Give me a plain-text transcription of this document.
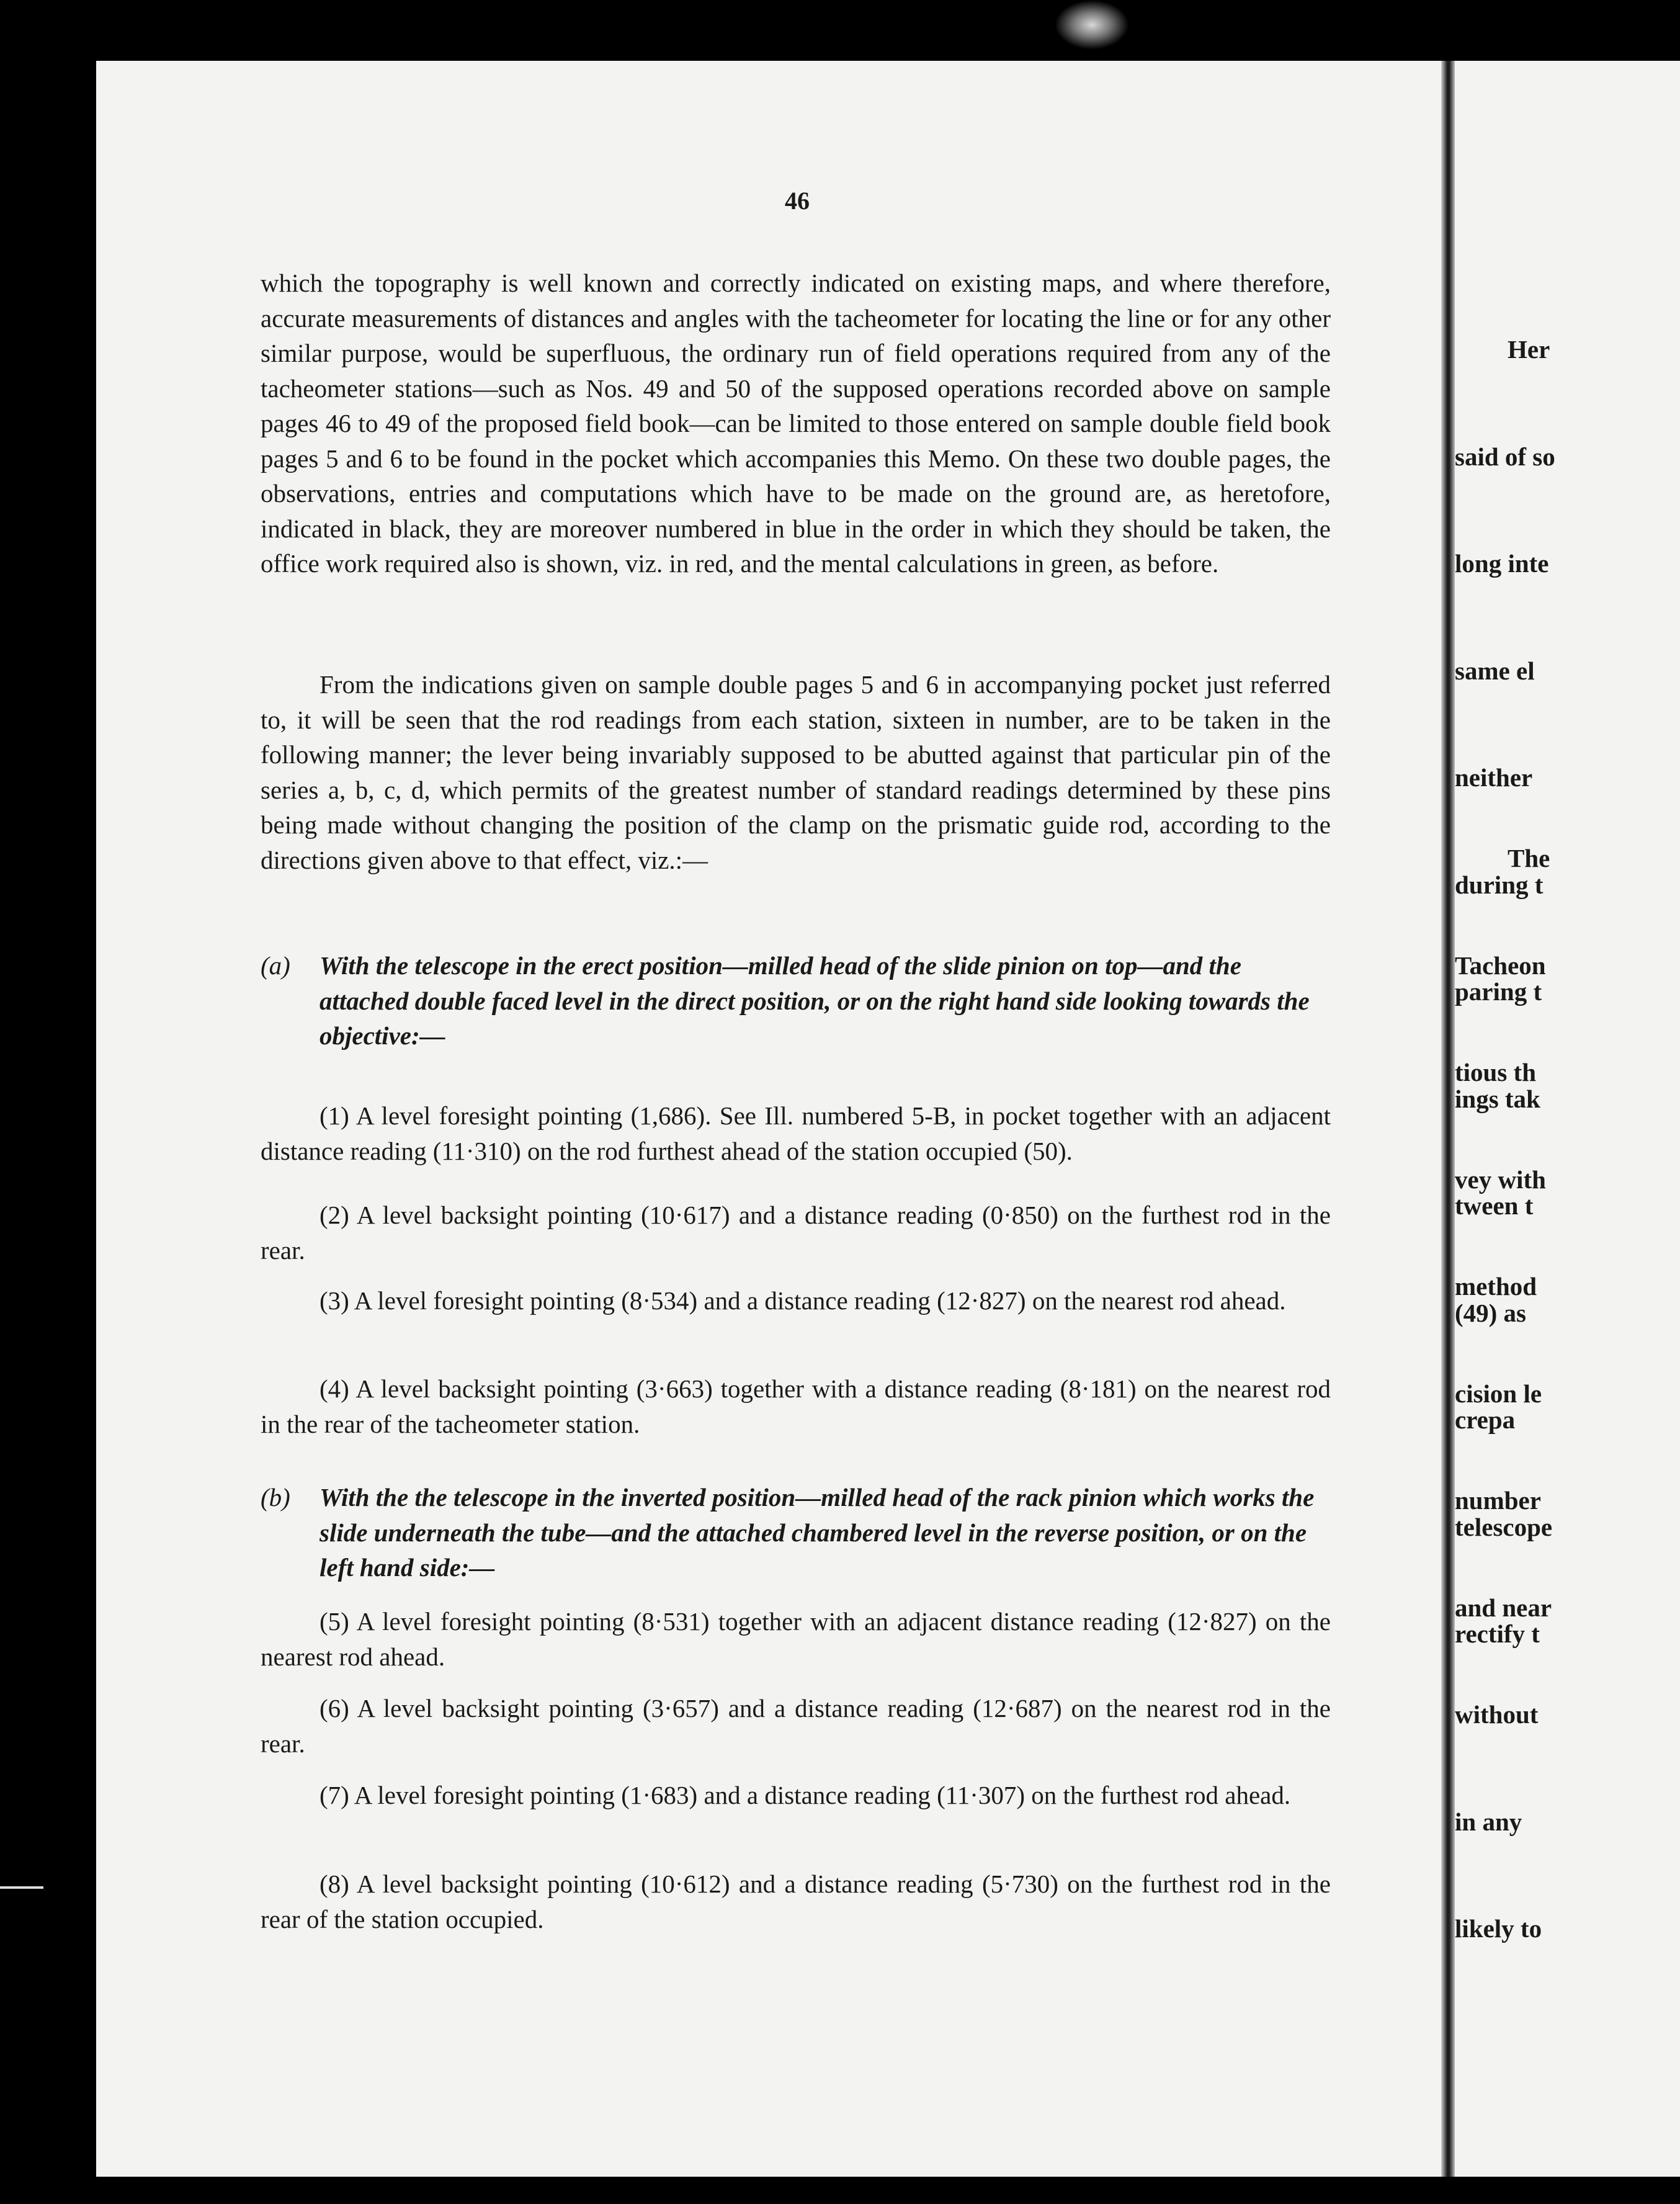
46

which the topography is well known and correctly indicated on existing maps, and where therefore, accurate measurements of distances and angles with the tacheometer for locating the line or for any other similar purpose, would be superfluous, the ordinary run of field operations required from any of the tacheometer stations—such as Nos. 49 and 50 of the supposed operations recorded above on sample pages 46 to 49 of the proposed field book—can be limited to those entered on sample double field book pages 5 and 6 to be found in the pocket which accompanies this Memo. On these two double pages, the observations, entries and computations which have to be made on the ground are, as heretofore, indicated in black, they are moreover numbered in blue in the order in which they should be taken, the office work required also is shown, viz. in red, and the mental calculations in green, as before.

From the indications given on sample double pages 5 and 6 in accompanying pocket just referred to, it will be seen that the rod readings from each station, sixteen in number, are to be taken in the following manner; the lever being invariably supposed to be abutted against that particular pin of the series a, b, c, d, which permits of the greatest number of standard readings determined by these pins being made without changing the position of the clamp on the prismatic guide rod, according to the directions given above to that effect, viz.:—

(a) With the telescope in the erect position—milled head of the slide pinion on top—and the attached double faced level in the direct position, or on the right hand side looking towards the objective:—
(1) A level foresight pointing (1,686). See Ill. numbered 5-B, in pocket together with an adjacent distance reading (11·310) on the rod furthest ahead of the station occupied (50).
(2) A level backsight pointing (10·617) and a distance reading (0·850) on the furthest rod in the rear.
(3) A level foresight pointing (8·534) and a distance reading (12·827) on the nearest rod ahead.
(4) A level backsight pointing (3·663) together with a distance reading (8·181) on the nearest rod in the rear of the tacheometer station.
(b) With the the telescope in the inverted position—milled head of the rack pinion which works the slide underneath the tube—and the attached chambered level in the reverse position, or on the left hand side:—
(5) A level foresight pointing (8·531) together with an adjacent distance reading (12·827) on the nearest rod ahead.
(6) A level backsight pointing (3·657) and a distance reading (12·687) on the nearest rod in the rear.
(7) A level foresight pointing (1·683) and a distance reading (11·307) on the furthest rod ahead.
(8) A level backsight pointing (10·612) and a distance reading (5·730) on the furthest rod in the rear of the station occupied.

Her

said of so

long inte

same el

neither

during t

paring t

ings tak

tween t

(49) as

crepa

telescope

rectify t

The

Tacheon

tious th

vey with

method

cision le

number

and near

without

in any

likely to
